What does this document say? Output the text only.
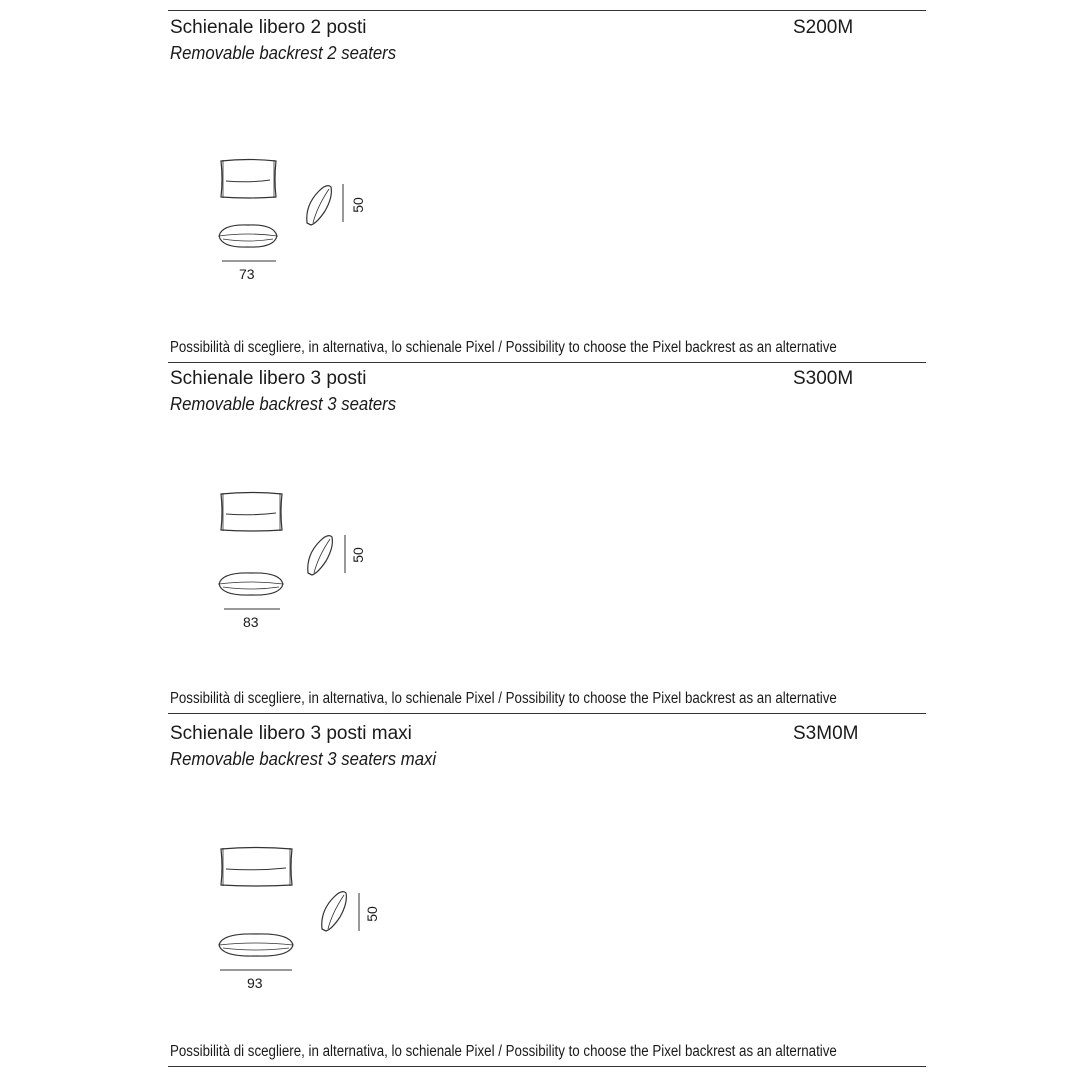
Schienale libero 2 posti	S200M
Removable backrest 2 seaters
73
50
Possibilità di scegliere, in alternativa, lo schienale Pixel / Possibility to choose the Pixel backrest as an alternative
Schienale libero 3 posti	S300M
Removable backrest 3 seaters
83
50
Possibilità di scegliere, in alternativa, lo schienale Pixel / Possibility to choose the Pixel backrest as an alternative
Schienale libero 3 posti maxi	S3M0M
Removable backrest 3 seaters maxi
93
50
Possibilità di scegliere, in alternativa, lo schienale Pixel / Possibility to choose the Pixel backrest as an alternative
